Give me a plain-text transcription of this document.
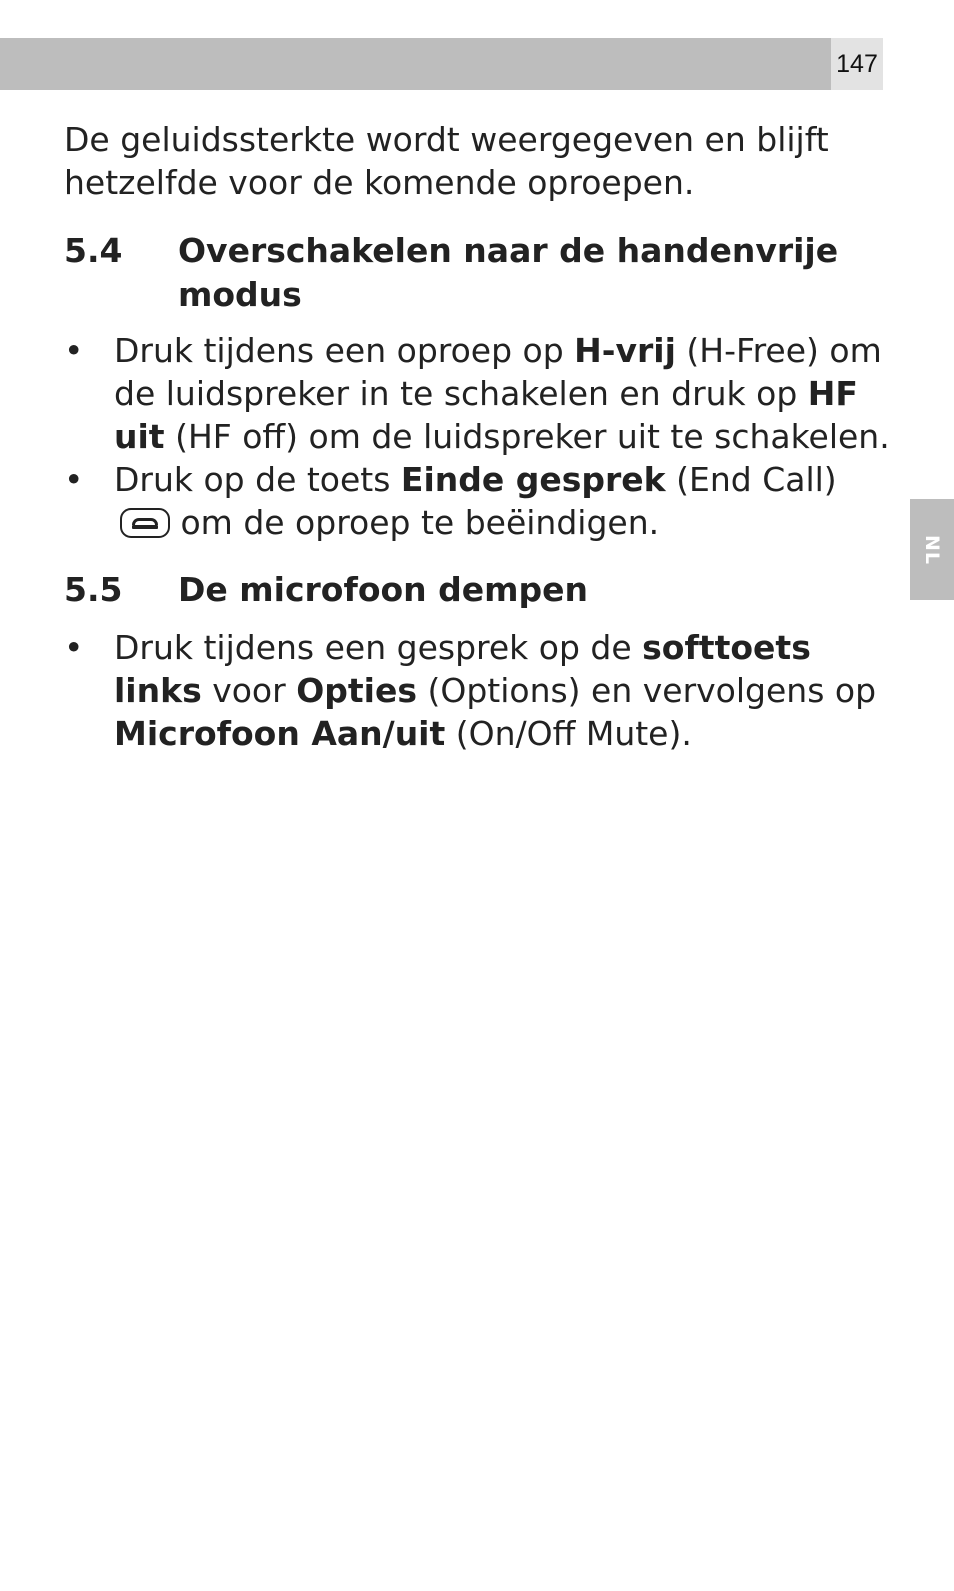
147
NL

De geluidssterkte wordt weergegeven en blijft hetzelfde voor de komende oproepen.

5.4	Overschakelen naar de handenvrije modus
• Druk tijdens een oproep op H-vrij (H-Free) om de luidspreker in te schakelen en druk op HF uit (HF off) om de luidspreker uit te schakelen.
• Druk op de toets Einde gesprek (End Call)  om de oproep te beëindigen.
5.5	De microfoon dempen
• Druk tijdens een gesprek op de softtoets links voor Opties (Options) en vervolgens op Microfoon Aan/uit (On/Off Mute).
